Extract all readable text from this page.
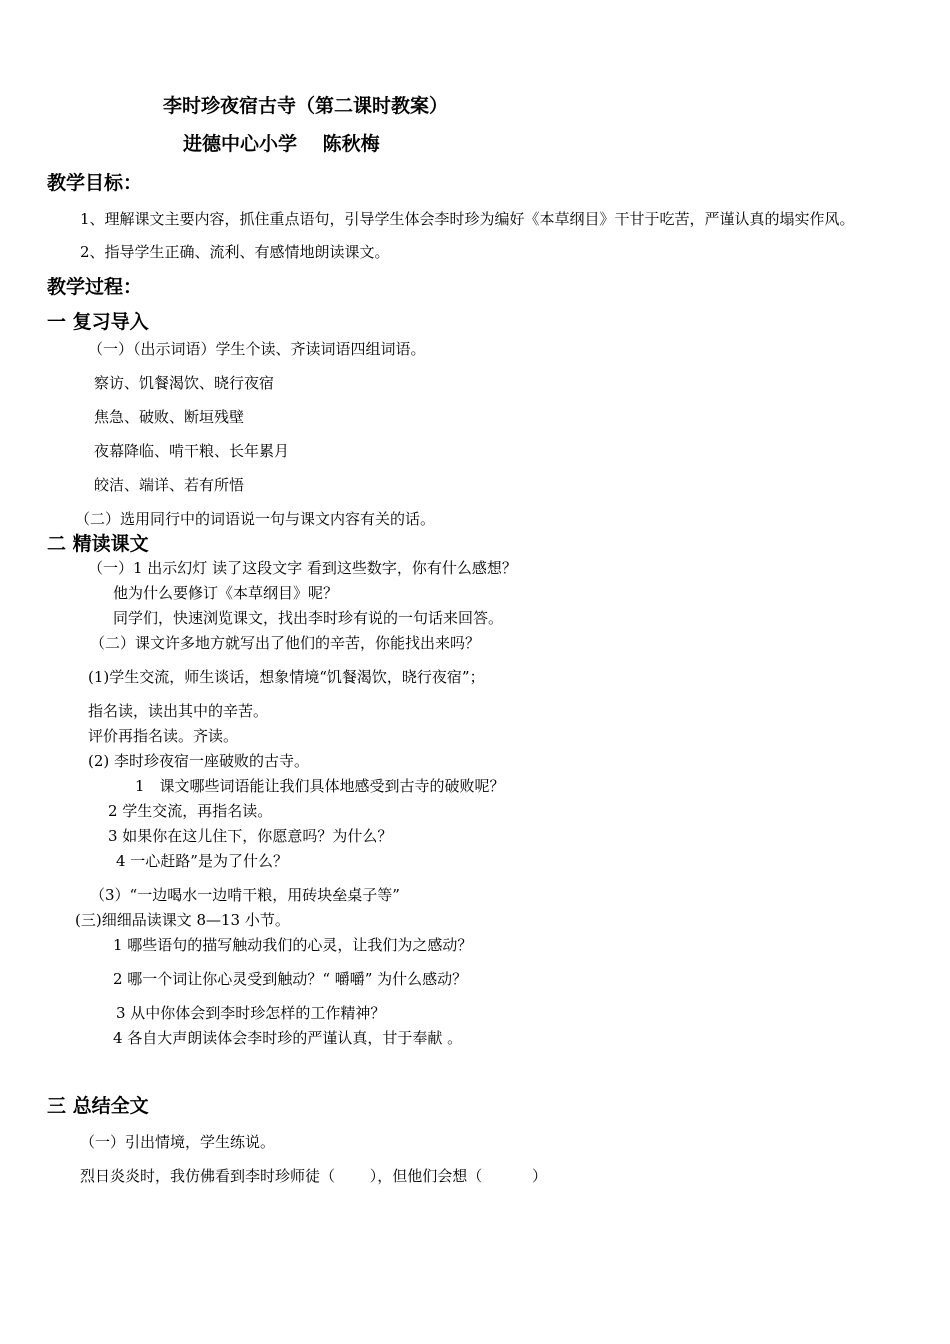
李时珍夜宿古寺（第二课时教案）
进德中心小学　 陈秋梅
教学目标：
1、理解课文主要内容，抓住重点语句，引导学生体会李时珍为编好《本草纲目》干甘于吃苦，严谨认真的塌实作风。
2、指导学生正确、流利、有感情地朗读课文。
教学过程：
一 复习导入
（一）（出示词语）学生个读、齐读词语四组词语。
察访、饥餐渴饮、晓行夜宿
焦急、破败、断垣残壁
夜幕降临、啃干粮、长年累月
皎洁、端详、若有所悟
（二）选用同行中的词语说一句与课文内容有关的话。
二 精读课文
（一）1 出示幻灯 读了这段文字 看到这些数字，你有什么感想？
他为什么要修订《本草纲目》呢？
同学们，快速浏览课文，找出李时珍有说的一句话来回答。
（二）课文许多地方就写出了他们的辛苦，你能找出来吗？
(1)学生交流，师生谈话，想象情境“饥餐渴饮，晓行夜宿”；
指名读，读出其中的辛苦。
评价再指名读。齐读。
(2) 李时珍夜宿一座破败的古寺。
1　课文哪些词语能让我们具体地感受到古寺的破败呢？
2 学生交流，再指名读。
3 如果你在这儿住下，你愿意吗？为什么？
4 一心赶路”是为了什么？
（3）“一边喝水一边啃干粮，用砖块垒桌子等”
(三)细细品读课文 8—13 小节。
1 哪些语句的描写触动我们的心灵，让我们为之感动？
2 哪一个词让你心灵受到触动？“ 嚼嚼” 为什么感动？
3 从中你体会到李时珍怎样的工作精神？
4 各自大声朗读体会李时珍的严谨认真，甘于奉献 。
三 总结全文
（一）引出情境，学生练说。
烈日炎炎时，我仿佛看到李时珍师徒（　　 ），但他们会想（　　　 ）
